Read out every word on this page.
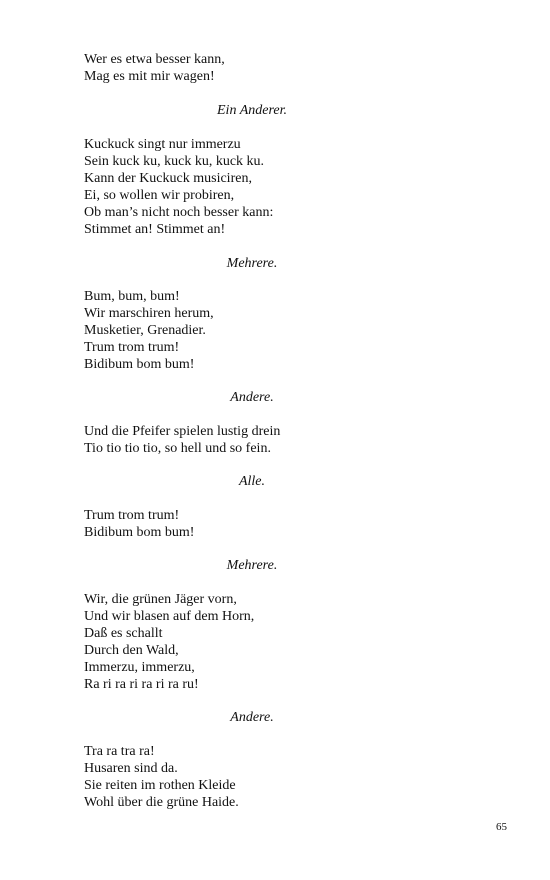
Wer es etwa besser kann,

Mag es mit mir wagen!

Ein Anderer.

Kuckuck singt nur immerzu

Sein kuck ku, kuck ku, kuck ku.

Kann der Kuckuck musiciren,

Ei, so wollen wir probiren,

Ob man’s nicht noch besser kann:

Stimmet an! Stimmet an!

Mehrere.

Bum, bum, bum!

Wir marschiren herum,

Musketier, Grenadier.

Trum trom trum!

Bidibum bom bum!

Andere.

Und die Pfeifer spielen lustig drein

Tio tio tio tio, so hell und so fein.

Alle.

Trum trom trum!

Bidibum bom bum!

Mehrere.

Wir, die grünen Jäger vorn,

Und wir blasen auf dem Horn,

Daß es schallt

Durch den Wald,

Immerzu, immerzu,

Ra ri ra ri ra ri ra ru!

Andere.

Tra ra tra ra!

Husaren sind da.

Sie reiten im rothen Kleide

Wohl über die grüne Haide.

65
